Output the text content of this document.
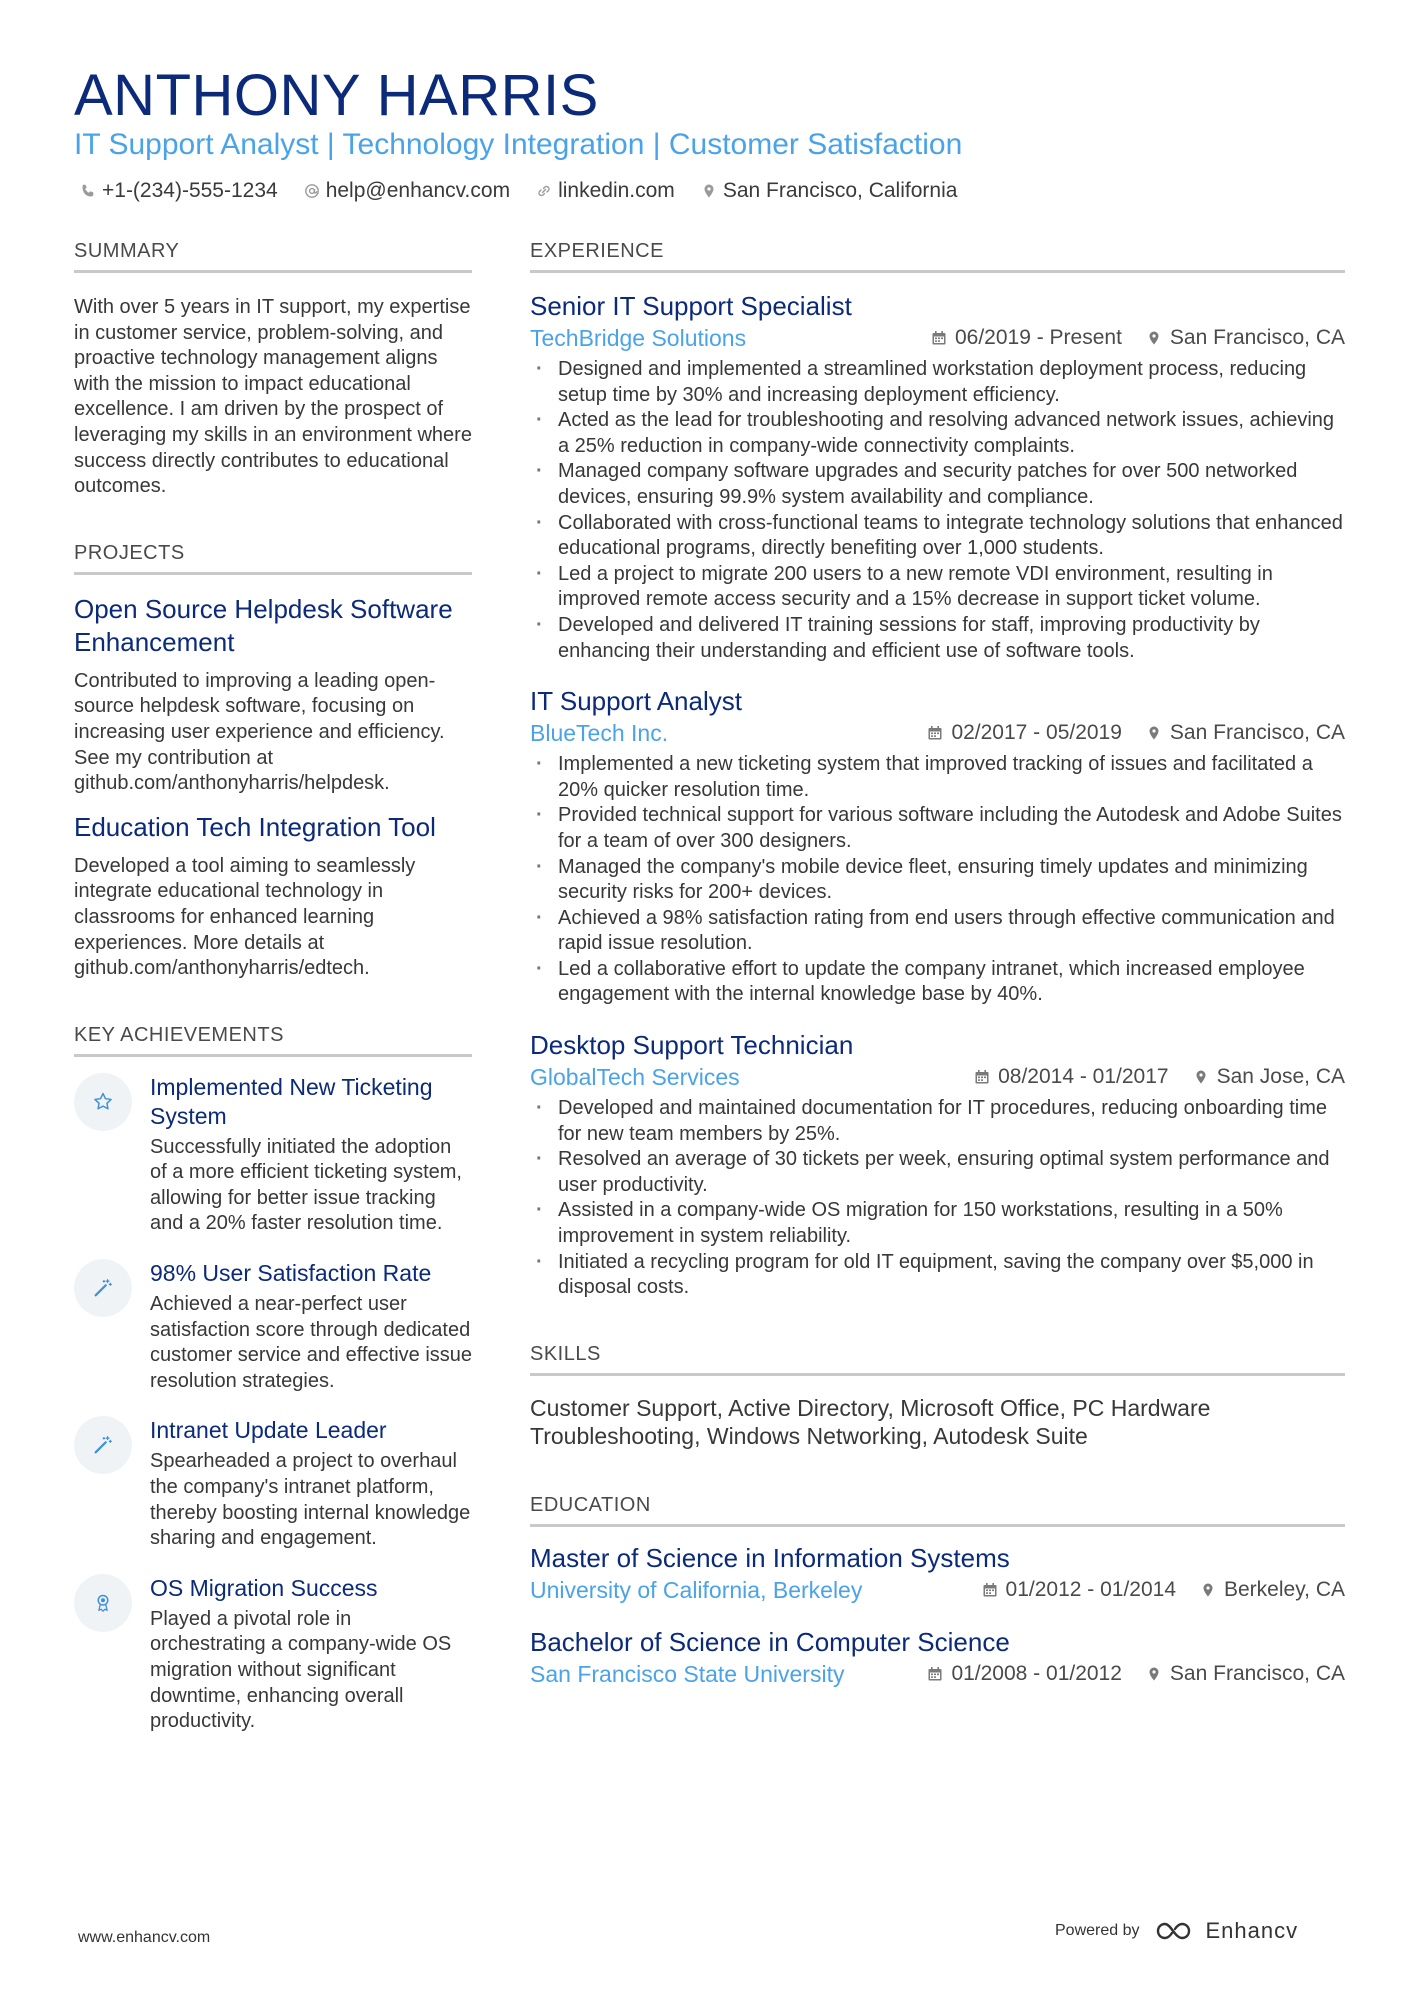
ANTHONY HARRIS
IT Support Analyst | Technology Integration | Customer Satisfaction
+1-(234)-555-1234 help@enhancv.com linkedin.com San Francisco, California
SUMMARY
With over 5 years in IT support, my expertise in customer service, problem-solving, and proactive technology management aligns with the mission to impact educational excellence. I am driven by the prospect of leveraging my skills in an environment where success directly contributes to educational outcomes.
PROJECTS
Open Source Helpdesk Software Enhancement
Contributed to improving a leading open-source helpdesk software, focusing on increasing user experience and efficiency. See my contribution at github.com/anthonyharris/helpdesk.
Education Tech Integration Tool
Developed a tool aiming to seamlessly integrate educational technology in classrooms for enhanced learning experiences. More details at github.com/anthonyharris/edtech.
KEY ACHIEVEMENTS
Implemented New Ticketing System
Successfully initiated the adoption of a more efficient ticketing system, allowing for better issue tracking and a 20% faster resolution time.
98% User Satisfaction Rate
Achieved a near-perfect user satisfaction score through dedicated customer service and effective issue resolution strategies.
Intranet Update Leader
Spearheaded a project to overhaul the company's intranet platform, thereby boosting internal knowledge sharing and engagement.
OS Migration Success
Played a pivotal role in orchestrating a company-wide OS migration without significant downtime, enhancing overall productivity.
EXPERIENCE
Senior IT Support Specialist
TechBridge Solutions	06/2019 - Present San Francisco, CA
· Designed and implemented a streamlined workstation deployment process, reducing setup time by 30% and increasing deployment efficiency.
· Acted as the lead for troubleshooting and resolving advanced network issues, achieving a 25% reduction in company-wide connectivity complaints.
· Managed company software upgrades and security patches for over 500 networked devices, ensuring 99.9% system availability and compliance.
· Collaborated with cross-functional teams to integrate technology solutions that enhanced educational programs, directly benefiting over 1,000 students.
· Led a project to migrate 200 users to a new remote VDI environment, resulting in improved remote access security and a 15% decrease in support ticket volume.
· Developed and delivered IT training sessions for staff, improving productivity by enhancing their understanding and efficient use of software tools.
IT Support Analyst
BlueTech Inc.	02/2017 - 05/2019 San Francisco, CA
· Implemented a new ticketing system that improved tracking of issues and facilitated a 20% quicker resolution time.
· Provided technical support for various software including the Autodesk and Adobe Suites for a team of over 300 designers.
· Managed the company's mobile device fleet, ensuring timely updates and minimizing security risks for 200+ devices.
· Achieved a 98% satisfaction rating from end users through effective communication and rapid issue resolution.
· Led a collaborative effort to update the company intranet, which increased employee engagement with the internal knowledge base by 40%.
Desktop Support Technician
GlobalTech Services	08/2014 - 01/2017 San Jose, CA
· Developed and maintained documentation for IT procedures, reducing onboarding time for new team members by 25%.
· Resolved an average of 30 tickets per week, ensuring optimal system performance and user productivity.
· Assisted in a company-wide OS migration for 150 workstations, resulting in a 50% improvement in system reliability.
· Initiated a recycling program for old IT equipment, saving the company over $5,000 in disposal costs.
SKILLS
Customer Support, Active Directory, Microsoft Office, PC Hardware Troubleshooting, Windows Networking, Autodesk Suite
EDUCATION
Master of Science in Information Systems
University of California, Berkeley	01/2012 - 01/2014 Berkeley, CA
Bachelor of Science in Computer Science
San Francisco State University	01/2008 - 01/2012 San Francisco, CA
www.enhancv.com	Powered by	Enhancv
